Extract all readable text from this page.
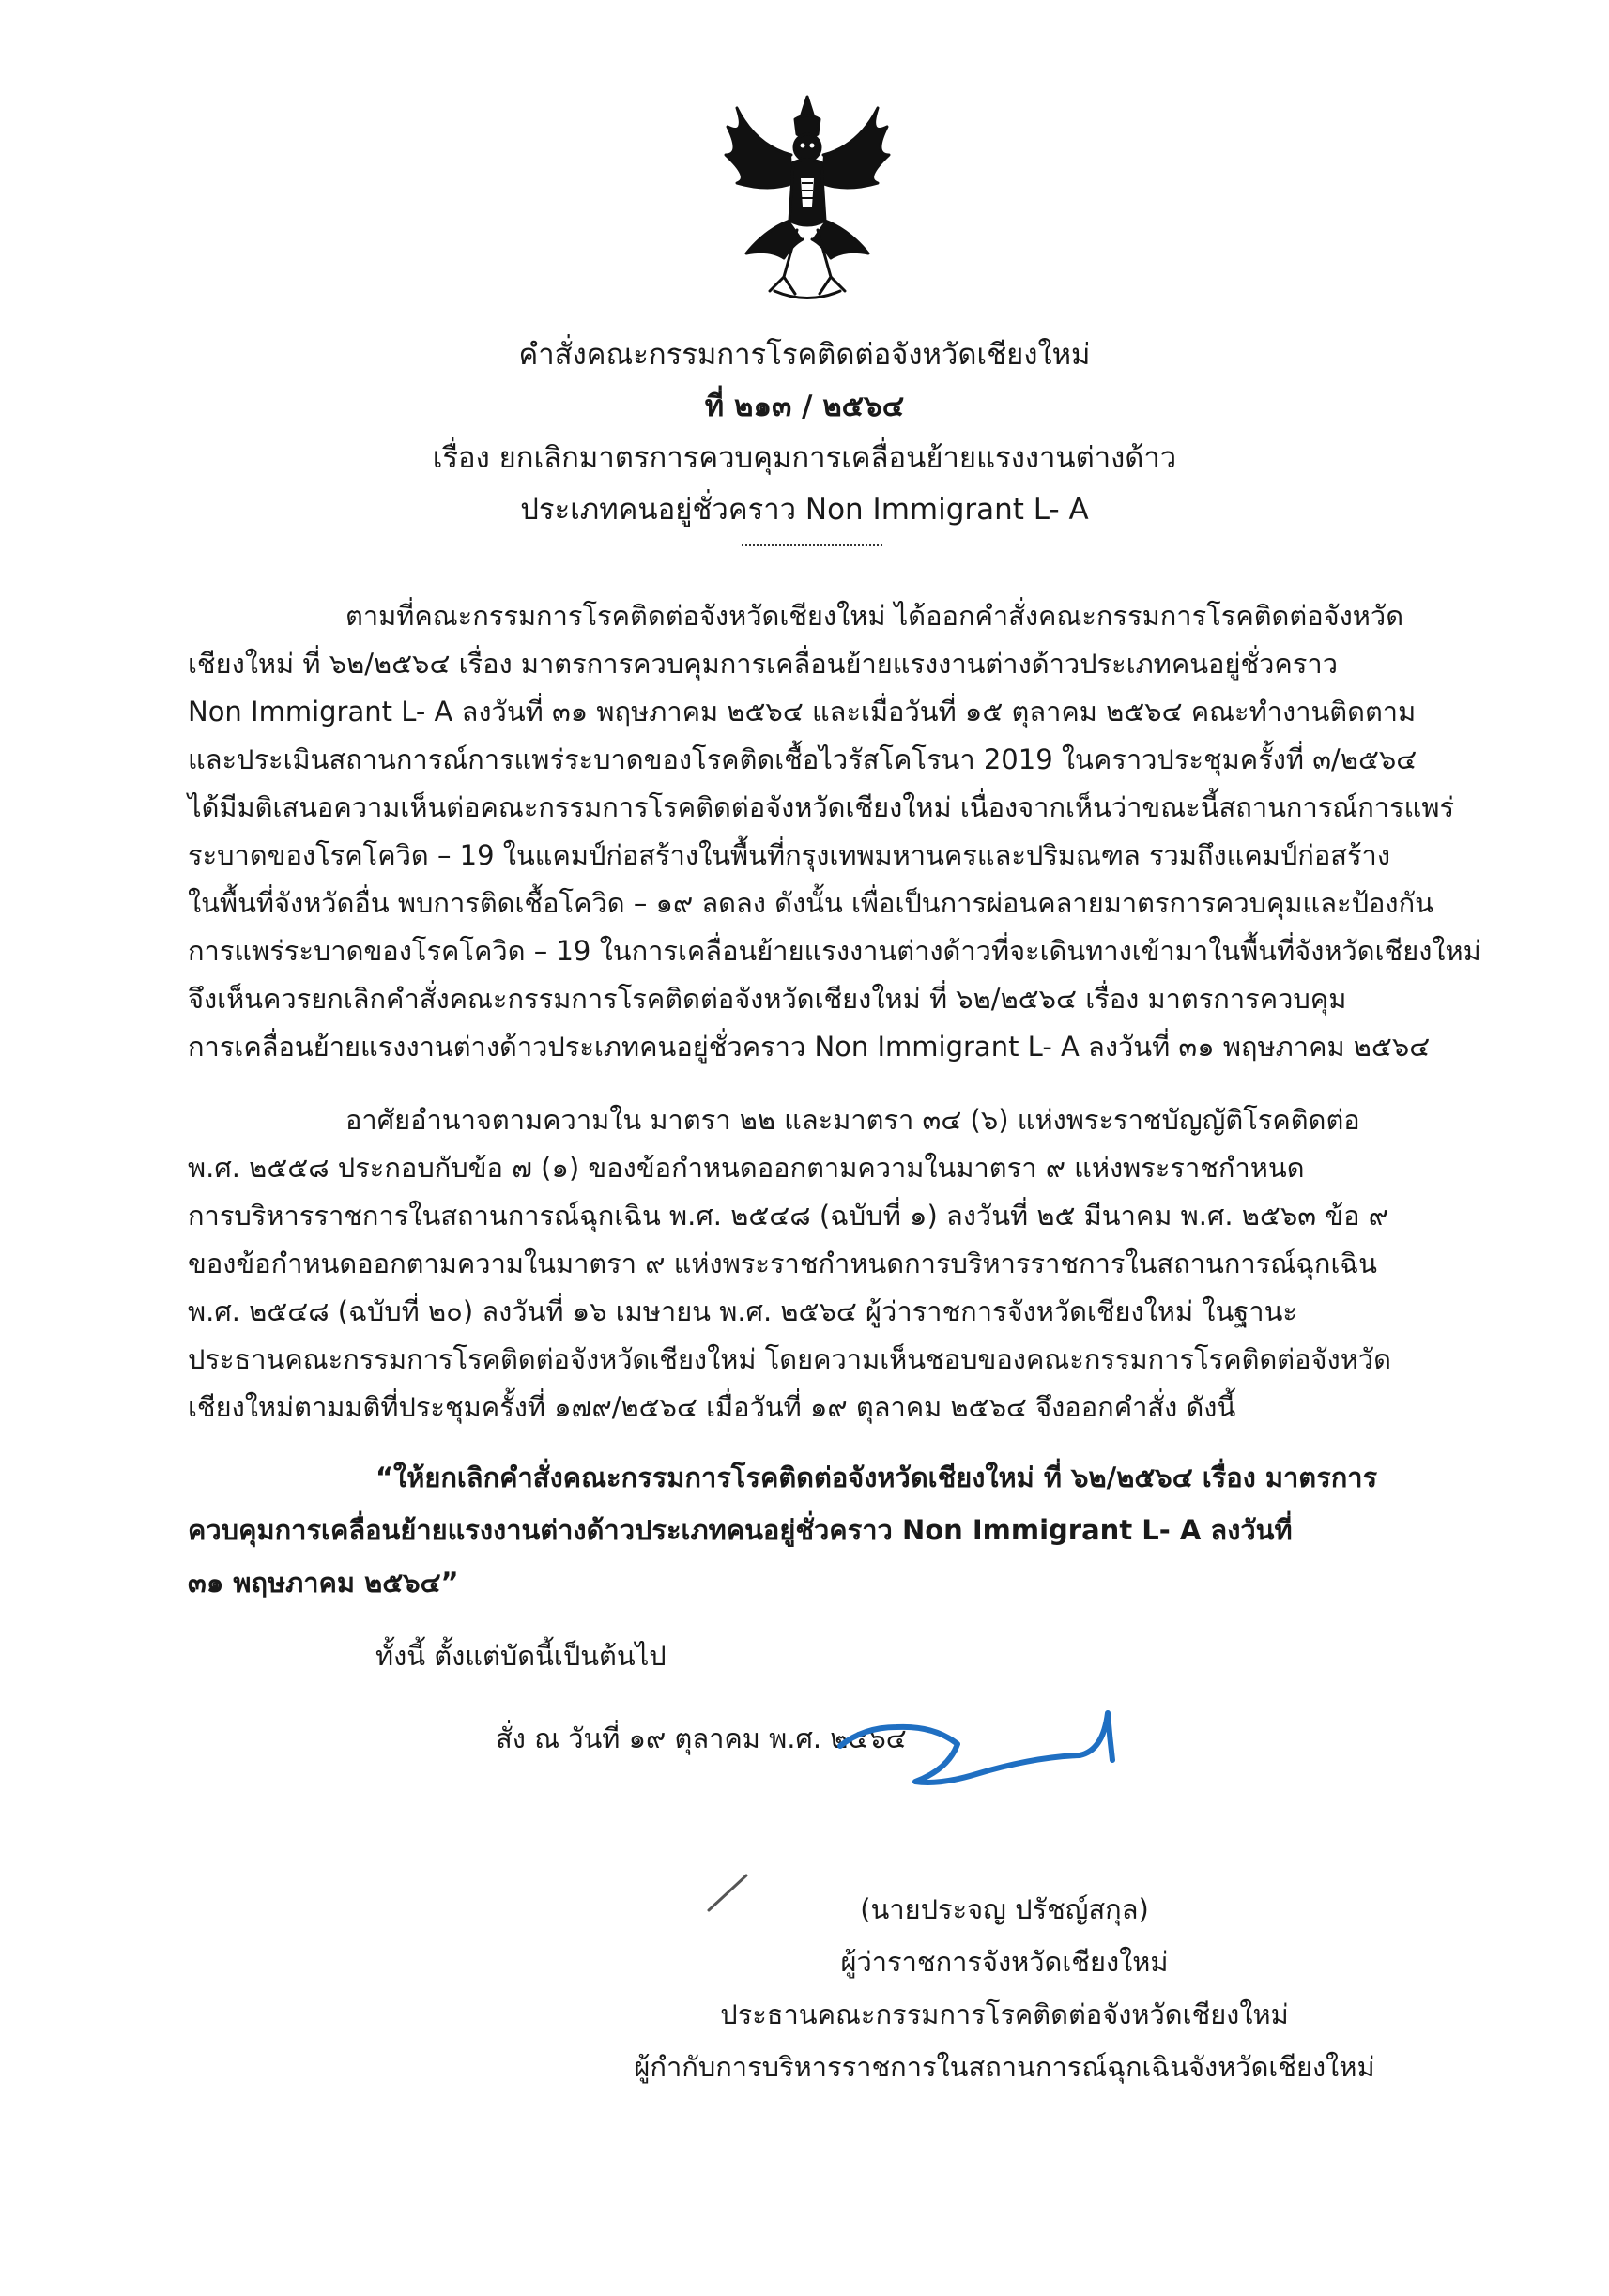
คำสั่งคณะกรรมการโรคติดต่อจังหวัดเชียงใหม่
ที่ ๒๑๓ / ๒๕๖๔
เรื่อง ยกเลิกมาตรการควบคุมการเคลื่อนย้ายแรงงานต่างด้าว
ประเภทคนอยู่ชั่วคราว Non Immigrant L- A
ตามที่คณะกรรมการโรคติดต่อจังหวัดเชียงใหม่ ได้ออกคำสั่งคณะกรรมการโรคติดต่อจังหวัด
เชียงใหม่ ที่ ๖๒/๒๕๖๔ เรื่อง มาตรการควบคุมการเคลื่อนย้ายแรงงานต่างด้าวประเภทคนอยู่ชั่วคราว
Non Immigrant L- A ลงวันที่ ๓๑ พฤษภาคม ๒๕๖๔ และเมื่อวันที่ ๑๕ ตุลาคม ๒๕๖๔ คณะทำงานติดตาม
และประเมินสถานการณ์การแพร่ระบาดของโรคติดเชื้อไวรัสโคโรนา 2019 ในคราวประชุมครั้งที่ ๓/๒๕๖๔
ได้มีมติเสนอความเห็นต่อคณะกรรมการโรคติดต่อจังหวัดเชียงใหม่ เนื่องจากเห็นว่าขณะนี้สถานการณ์การแพร่
ระบาดของโรคโควิด – 19 ในแคมป์ก่อสร้างในพื้นที่กรุงเทพมหานครและปริมณฑล รวมถึงแคมป์ก่อสร้าง
ในพื้นที่จังหวัดอื่น พบการติดเชื้อโควิด – ๑๙ ลดลง ดังนั้น เพื่อเป็นการผ่อนคลายมาตรการควบคุมและป้องกัน
การแพร่ระบาดของโรคโควิด – 19 ในการเคลื่อนย้ายแรงงานต่างด้าวที่จะเดินทางเข้ามาในพื้นที่จังหวัดเชียงใหม่
จึงเห็นควรยกเลิกคำสั่งคณะกรรมการโรคติดต่อจังหวัดเชียงใหม่ ที่ ๖๒/๒๕๖๔ เรื่อง มาตรการควบคุม
การเคลื่อนย้ายแรงงานต่างด้าวประเภทคนอยู่ชั่วคราว Non Immigrant L- A ลงวันที่ ๓๑ พฤษภาคม ๒๕๖๔
อาศัยอำนาจตามความใน มาตรา ๒๒ และมาตรา ๓๔ (๖) แห่งพระราชบัญญัติโรคติดต่อ
พ.ศ. ๒๕๕๘ ประกอบกับข้อ ๗ (๑) ของข้อกำหนดออกตามความในมาตรา ๙ แห่งพระราชกำหนด
การบริหารราชการในสถานการณ์ฉุกเฉิน พ.ศ. ๒๕๔๘ (ฉบับที่ ๑) ลงวันที่ ๒๕ มีนาคม พ.ศ. ๒๕๖๓ ข้อ ๙
ของข้อกำหนดออกตามความในมาตรา ๙ แห่งพระราชกำหนดการบริหารราชการในสถานการณ์ฉุกเฉิน
พ.ศ. ๒๕๔๘ (ฉบับที่ ๒๐) ลงวันที่ ๑๖ เมษายน พ.ศ. ๒๕๖๔ ผู้ว่าราชการจังหวัดเชียงใหม่ ในฐานะ
ประธานคณะกรรมการโรคติดต่อจังหวัดเชียงใหม่ โดยความเห็นชอบของคณะกรรมการโรคติดต่อจังหวัด
เชียงใหม่ตามมติที่ประชุมครั้งที่ ๑๗๙/๒๕๖๔ เมื่อวันที่ ๑๙ ตุลาคม ๒๕๖๔ จึงออกคำสั่ง ดังนี้
“ให้ยกเลิกคำสั่งคณะกรรมการโรคติดต่อจังหวัดเชียงใหม่ ที่ ๖๒/๒๕๖๔ เรื่อง มาตรการ
ควบคุมการเคลื่อนย้ายแรงงานต่างด้าวประเภทคนอยู่ชั่วคราว Non Immigrant L- A ลงวันที่
๓๑ พฤษภาคม ๒๕๖๔”
ทั้งนี้ ตั้งแต่บัดนี้เป็นต้นไป
สั่ง ณ วันที่ ๑๙ ตุลาคม พ.ศ. ๒๕๖๔
(นายประจญ ปรัชญ์สกุล)
ผู้ว่าราชการจังหวัดเชียงใหม่
ประธานคณะกรรมการโรคติดต่อจังหวัดเชียงใหม่
ผู้กำกับการบริหารราชการในสถานการณ์ฉุกเฉินจังหวัดเชียงใหม่
